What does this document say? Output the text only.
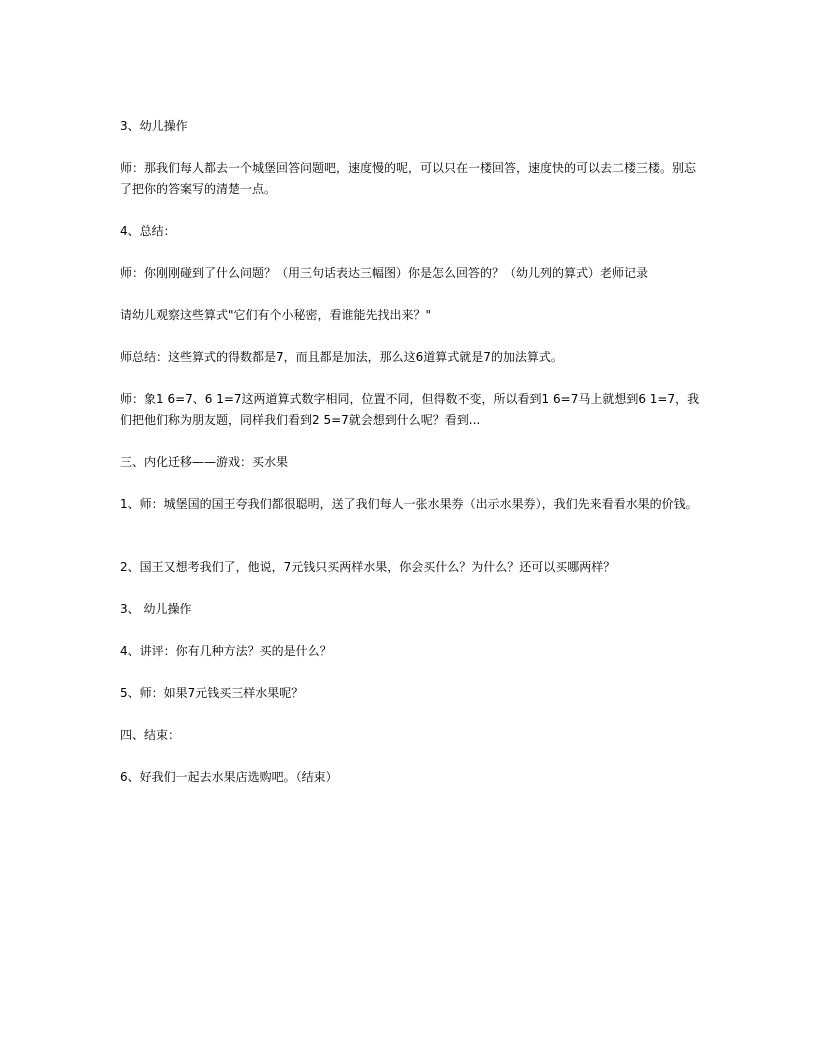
3、幼儿操作
师：那我们每人都去一个城堡回答问题吧，速度慢的呢，可以只在一楼回答，速度快的可以去二楼三楼。别忘了把你的答案写的清楚一点。
4、总结：
师：你刚刚碰到了什么问题？（用三句话表达三幅图）你是怎么回答的？（幼儿列的算式）老师记录
请幼儿观察这些算式"它们有个小秘密，看谁能先找出来？"
师总结：这些算式的得数都是7，而且都是加法，那么这6道算式就是7的加法算式。
师：象1 6=7、6 1=7这两道算式数字相同，位置不同，但得数不变，所以看到1 6=7马上就想到6 1=7，我们把他们称为朋友题，同样我们看到2 5=7就会想到什么呢？看到...
三、内化迁移——游戏：买水果
1、师：城堡国的国王夸我们都很聪明，送了我们每人一张水果券（出示水果券），我们先来看看水果的价钱。
2、国王又想考我们了，他说，7元钱只买两样水果，你会买什么？为什么？还可以买哪两样？
3、 幼儿操作
4、讲评：你有几种方法？买的是什么？
5、师：如果7元钱买三样水果呢？
四、结束：
6、好我们一起去水果店选购吧。（结束）
